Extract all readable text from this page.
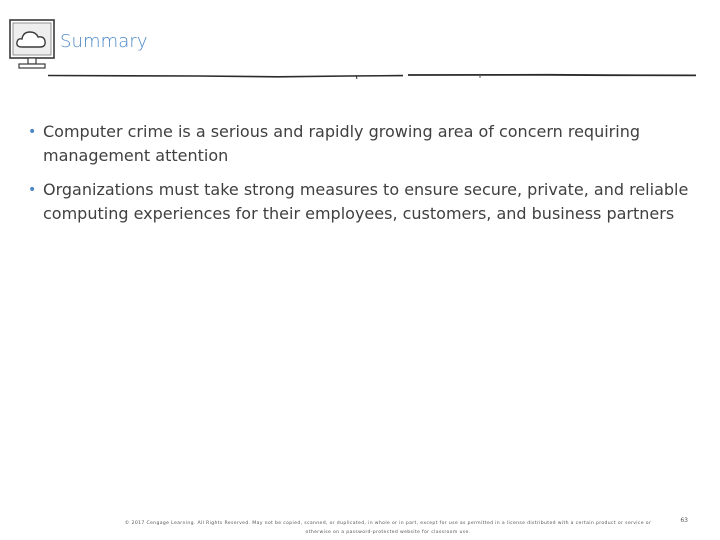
Summary
• Computer crime is a serious and rapidly growing area of concern requiring management attention
• Organizations must take strong measures to ensure secure, private, and reliable computing experiences for their employees, customers, and business partners
© 2017 Cengage Learning. All Rights Reserved. May not be copied, scanned, or duplicated, in whole or in part, except for use as permitted in a license distributed with a certain product or service or otherwise on a password-protected website for classroom use.
63
